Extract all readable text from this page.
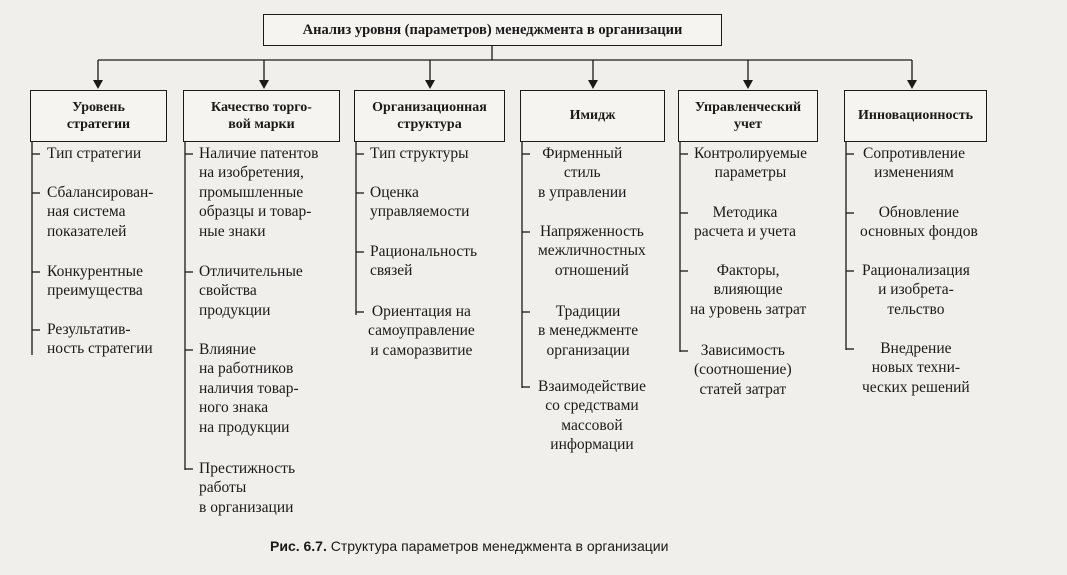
Анализ уровня (параметров) менеджмента в организации
Уровень
стратегии
Качество торго-
вой марки
Организационная
структура
Имидж
Управленческий
учет
Инновационность
Тип стратегии
Сбалансирован-
ная система
показателей
Конкурентные
преимущества
Результатив-
ность стратегии
Наличие патентов
на изобретения,
промышленные
образцы и товар-
ные знаки
Отличительные
свойства
продукции
Влияние
на работников
наличия товар-
ного знака
на продукции
Престижность
работы
в организации
Тип структуры
Оценка
управляемости
Рациональность
связей
Ориентация на
самоуправление
и саморазвитие
Фирменный
стиль
в управлении
Напряженность
межличностных
отношений
Традиции
в менеджменте
организации
Взаимодействие
со средствами
массовой
информации
Контролируемые
параметры
Методика
расчета и учета
Факторы,
влияющие
на уровень затрат
Зависимость
(соотношение)
статей затрат
Сопротивление
изменениям
Обновление
основных фондов
Рационализация
и изобрета-
тельство
Внедрение
новых техни-
ческих решений
Рис. 6.7. Структура параметров менеджмента в организации
